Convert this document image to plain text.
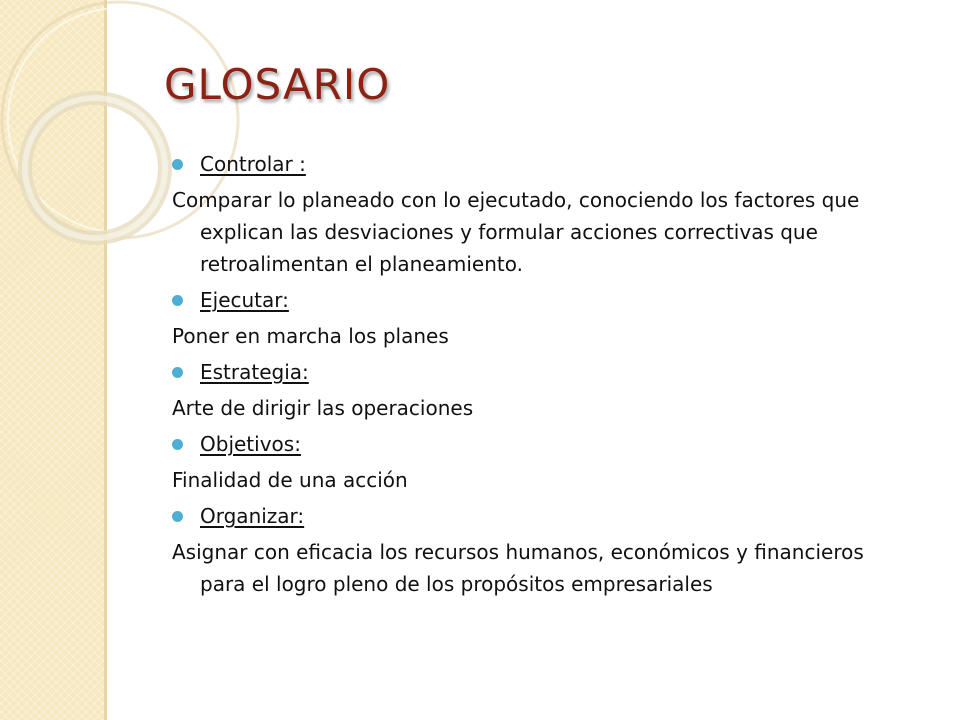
GLOSARIO

Controlar :

Comparar lo planeado con lo ejecutado, conociendo los factores que explican las desviaciones y formular acciones correctivas que retroalimentan el planeamiento.

Ejecutar:

Poner en marcha los planes

Estrategia:

Arte de dirigir las operaciones

Objetivos:

Finalidad de una acción

Organizar:

Asignar con eficacia los recursos humanos, económicos y financieros para el logro pleno de los propósitos empresariales
